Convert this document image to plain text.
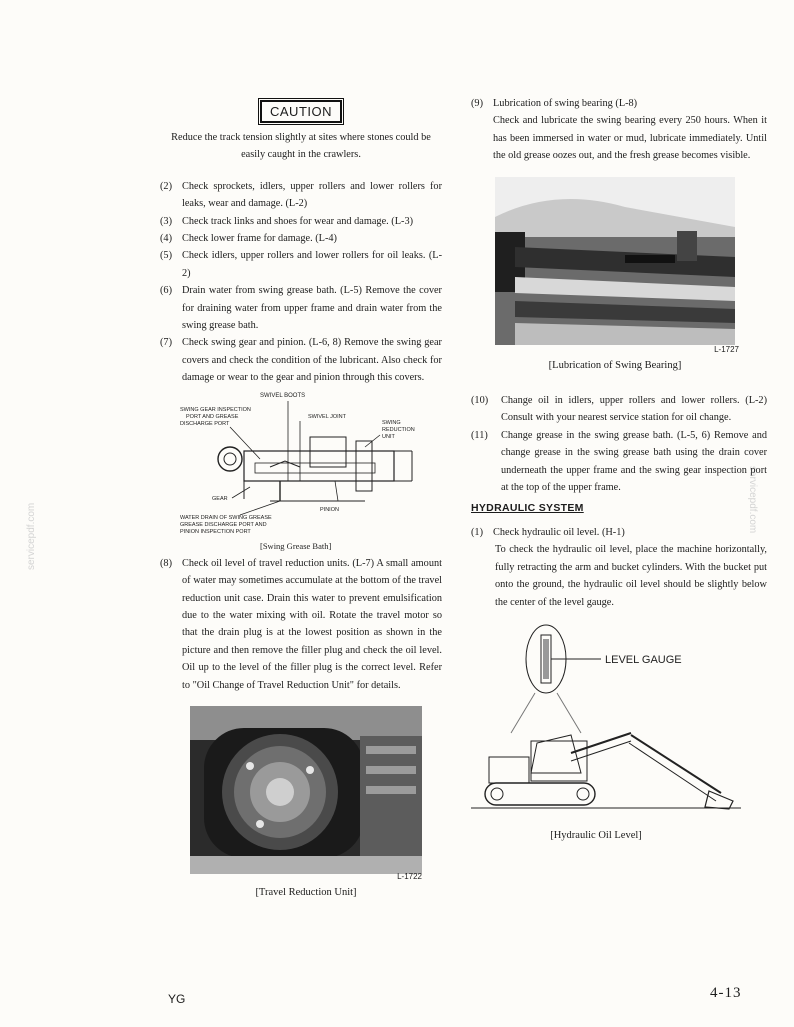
servicepdf.com
servicepdf.com
CAUTION
Reduce the track tension slightly at sites where stones could be easily caught in the crawlers.
(2) Check sprockets, idlers, upper rollers and lower rollers for leaks, wear and damage. (L-2)
(3) Check track links and shoes for wear and damage. (L-3)
(4) Check lower frame for damage. (L-4)
(5) Check idlers, upper rollers and lower rollers for oil leaks. (L-2)
(6) Drain water from swing grease bath. (L-5) Remove the cover for draining water from upper frame and drain water from the swing grease bath.
(7) Check swing gear and pinion. (L-6, 8) Remove the swing gear covers and check the condition of the lubricant. Also check for damage or wear to the gear and pinion through this covers.
SWIVEL BOOTS
SWING GEAR INSPECTION
PORT AND GREASE
DISCHARGE PORT
SWIVEL JOINT
SWING
REDUCTION
UNIT
GEAR
PINION
WATER DRAIN OF SWING GREASE
GREASE DISCHARGE PORT AND
PINION INSPECTION PORT
[Swing Grease Bath]
(8) Check oil level of travel reduction units. (L-7) A small amount of water may sometimes accumulate at the bottom of the travel reduction unit case. Drain this water to prevent emulsification due to the water mixing with oil. Rotate the travel motor so that the drain plug is at the lowest position as shown in the picture and then remove the filler plug and check the oil level. Oil up to the level of the filler plug is the correct level. Refer to "Oil Change of Travel Reduction Unit" for details.
L-1722
[Travel Reduction Unit]
(9) Lubrication of swing bearing (L-8)
Check and lubricate the swing bearing every 250 hours. When it has been immersed in water or mud, lubricate immediately. Until the old grease oozes out, and the fresh grease becomes visible.
L-1727
[Lubrication of Swing Bearing]
(10)	Change oil in idlers, upper rollers and lower rollers. (L-2) Consult with your nearest service station for oil change.
(11)	Change grease in the swing grease bath. (L-5, 6) Remove and change grease in the swing grease bath using the drain cover underneath the upper frame and the swing gear inspection port at the top of the upper frame.
HYDRAULIC SYSTEM
(1) Check hydraulic oil level. (H-1)
To check the hydraulic oil level, place the machine horizontally, fully retracting the arm and bucket cylinders. With the bucket put onto the ground, the hydraulic oil level should be slightly below the center of the level gauge.
LEVEL GAUGE
[Hydraulic Oil Level]
YG	4-13
